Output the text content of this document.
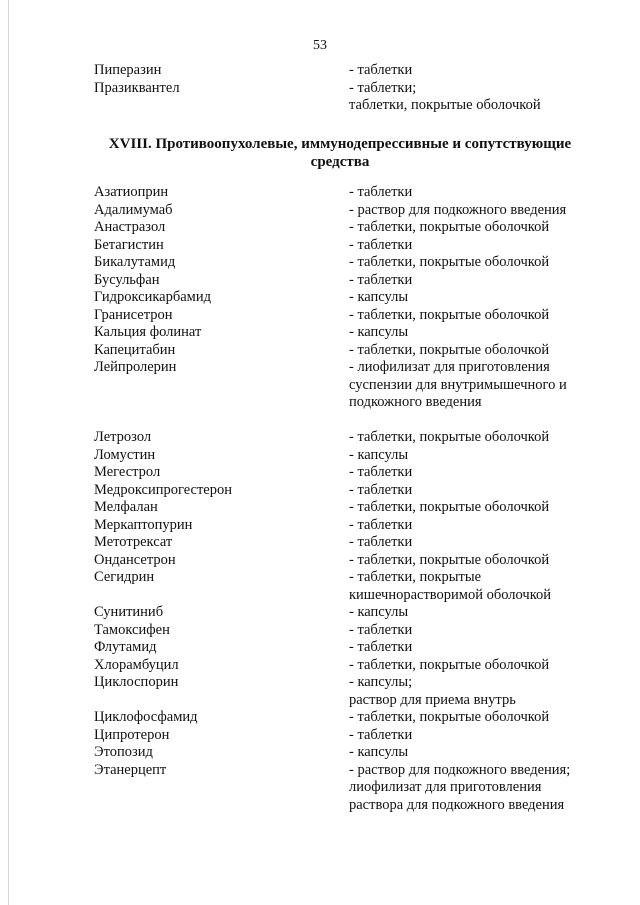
53
Пиперазин	- таблетки
Празиквантел	- таблетки;
таблетки, покрытые оболочкой
XVIII. Противоопухолевые, иммунодепрессивные и сопутствующие
средства
Азатиоприн	- таблетки
Адалимумаб	- раствор для подкожного введения
Анастразол	- таблетки, покрытые оболочкой
Бетагистин	- таблетки
Бикалутамид	- таблетки, покрытые оболочкой
Бусульфан	- таблетки
Гидроксикарбамид	- капсулы
Гранисетрон	- таблетки, покрытые оболочкой
Кальция фолинат	- капсулы
Капецитабин	- таблетки, покрытые оболочкой
Лейпролерин	- лиофилизат для приготовления
суспензии для внутримышечного и
подкожного введения
Летрозол	- таблетки, покрытые оболочкой
Ломустин	- капсулы
Мегестрол	- таблетки
Медроксипрогестерон	- таблетки
Мелфалан	- таблетки, покрытые оболочкой
Меркаптопурин	- таблетки
Метотрексат	- таблетки
Ондансетрон	- таблетки, покрытые оболочкой
Сегидрин	- таблетки, покрытые
кишечнорастворимой оболочкой
Сунитиниб	- капсулы
Тамоксифен	- таблетки
Флутамид	- таблетки
Хлорамбуцил	- таблетки, покрытые оболочкой
Циклоспорин	- капсулы;
раствор для приема внутрь
Циклофосфамид	- таблетки, покрытые оболочкой
Ципротерон	- таблетки
Этопозид	- капсулы
Этанерцепт	- раствор для подкожного введения;
лиофилизат для приготовления
раствора для подкожного введения
